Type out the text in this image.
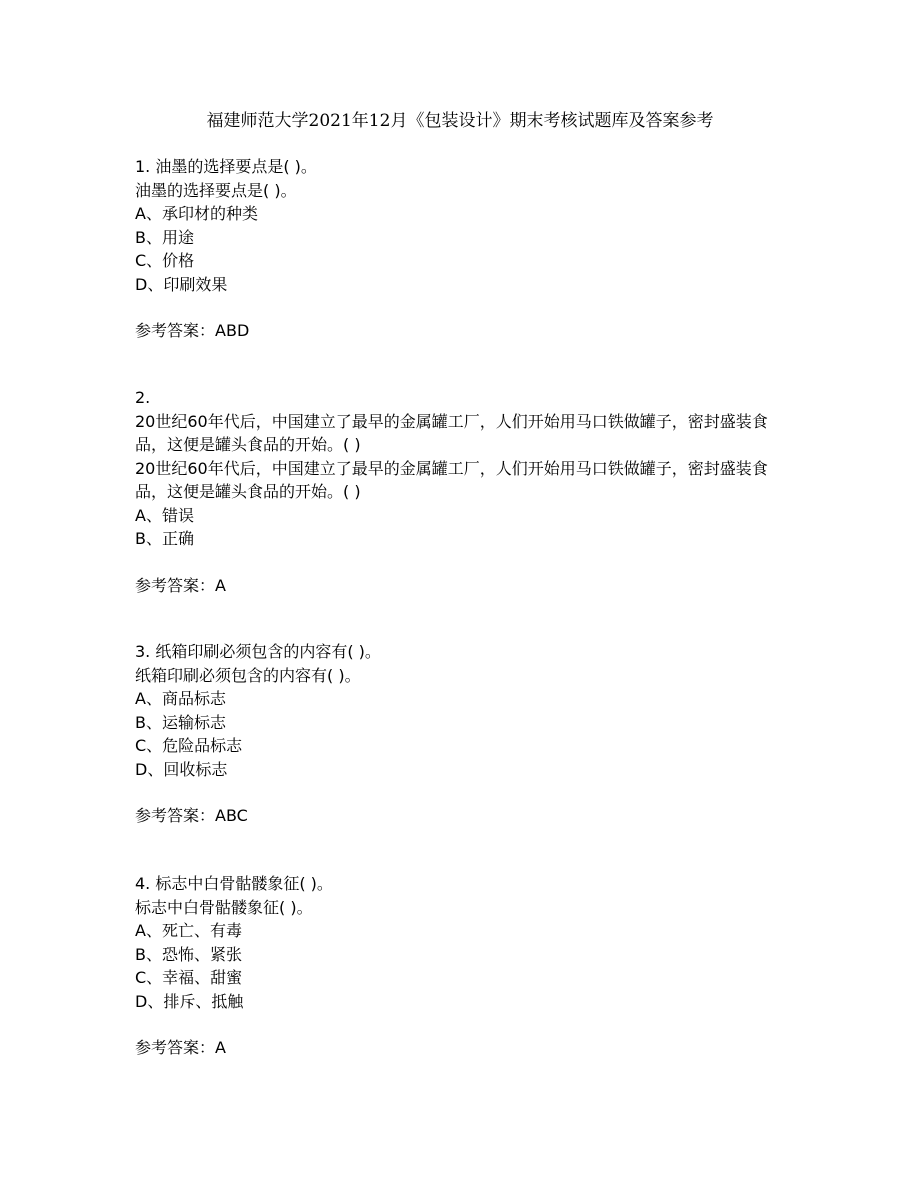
福建师范大学2021年12月《包装设计》期末考核试题库及答案参考

1. 油墨的选择要点是( )。

油墨的选择要点是( )。

A、承印材的种类

B、用途

C、价格

D、印刷效果

参考答案：ABD

2.

20世纪60年代后，中国建立了最早的金属罐工厂，人们开始用马口铁做罐子，密封盛装食品，这便是罐头食品的开始。( )

20世纪60年代后，中国建立了最早的金属罐工厂，人们开始用马口铁做罐子，密封盛装食品，这便是罐头食品的开始。( )

A、错误

B、正确

参考答案：A

3. 纸箱印刷必须包含的内容有( )。

纸箱印刷必须包含的内容有( )。

A、商品标志

B、运输标志

C、危险品标志

D、回收标志

参考答案：ABC

4. 标志中白骨骷髅象征( )。

标志中白骨骷髅象征( )。

A、死亡、有毒

B、恐怖、紧张

C、幸福、甜蜜

D、排斥、抵触

参考答案：A
